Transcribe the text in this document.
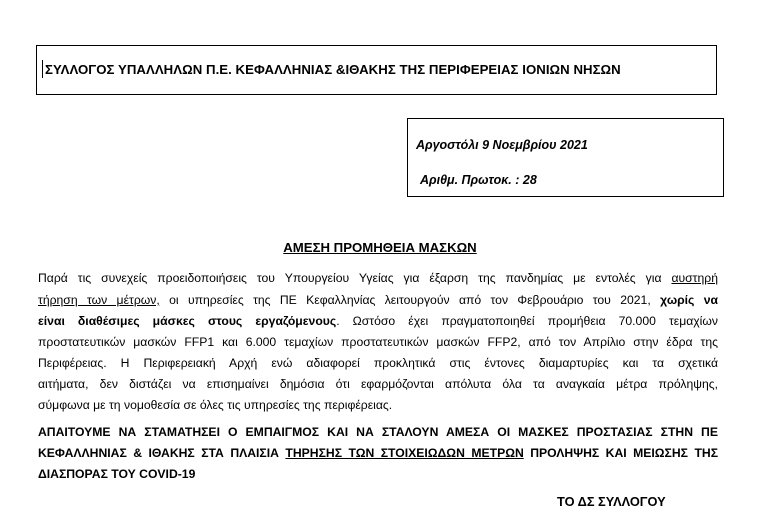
ΣΥΛΛΟΓΟΣ ΥΠΑΛΛΗΛΩΝ Π.Ε. ΚΕΦΑΛΛΗΝΙΑΣ &ΙΘΑΚΗΣ ΤΗΣ ΠΕΡΙΦΕΡΕΙΑΣ ΙΟΝΙΩΝ ΝΗΣΩΝ
Αργοστόλι 9 Νοεμβρίου 2021
Αριθμ. Πρωτοκ. : 28
ΑΜΕΣΗ ΠΡΟΜΗΘΕΙΑ ΜΑΣΚΩΝ
Παρά τις συνεχείς προειδοποιήσεις του Υπουργείου Υγείας για έξαρση της πανδημίας με εντολές για αυστηρή
τήρηση των μέτρων, οι υπηρεσίες της ΠΕ Κεφαλληνίας λειτουργούν από τον Φεβρουάριο του 2021, χωρίς να
είναι διαθέσιμες μάσκες στους εργαζόμενους. Ωστόσο έχει πραγματοποιηθεί προμήθεια 70.000 τεμαχίων
προστατευτικών μασκών FFP1 και 6.000 τεμαχίων προστατευτικών μασκών FFP2, από τον Απρίλιο στην έδρα της
Περιφέρειας. Η Περιφερειακή Αρχή ενώ αδιαφορεί προκλητικά στις έντονες διαμαρτυρίες και τα σχετικά
αιτήματα, δεν διστάζει να επισημαίνει δημόσια ότι εφαρμόζονται απόλυτα όλα τα αναγκαία μέτρα πρόληψης,
σύμφωνα με τη νομοθεσία σε όλες τις υπηρεσίες της περιφέρειας.
ΑΠΑΙΤΟΥΜΕ ΝΑ ΣΤΑΜΑΤΗΣΕΙ Ο ΕΜΠΑΙΓΜΟΣ ΚΑΙ ΝΑ ΣΤΑΛΟΥΝ ΑΜΕΣΑ ΟΙ ΜΑΣΚΕΣ ΠΡΟΣΤΑΣΙΑΣ ΣΤΗΝ ΠΕ
ΚΕΦΑΛΛΗΝΙΑΣ & ΙΘΑΚΗΣ ΣΤΑ ΠΛΑΙΣΙΑ ΤΗΡΗΣΗΣ ΤΩΝ ΣΤΟΙΧΕΙΩΔΩΝ ΜΕΤΡΩΝ ΠΡΟΛΗΨΗΣ ΚΑΙ ΜΕΙΩΣΗΣ ΤΗΣ
ΔΙΑΣΠΟΡΑΣ ΤΟΥ COVID-19
ΤΟ ΔΣ ΣΥΛΛΟΓΟΥ
